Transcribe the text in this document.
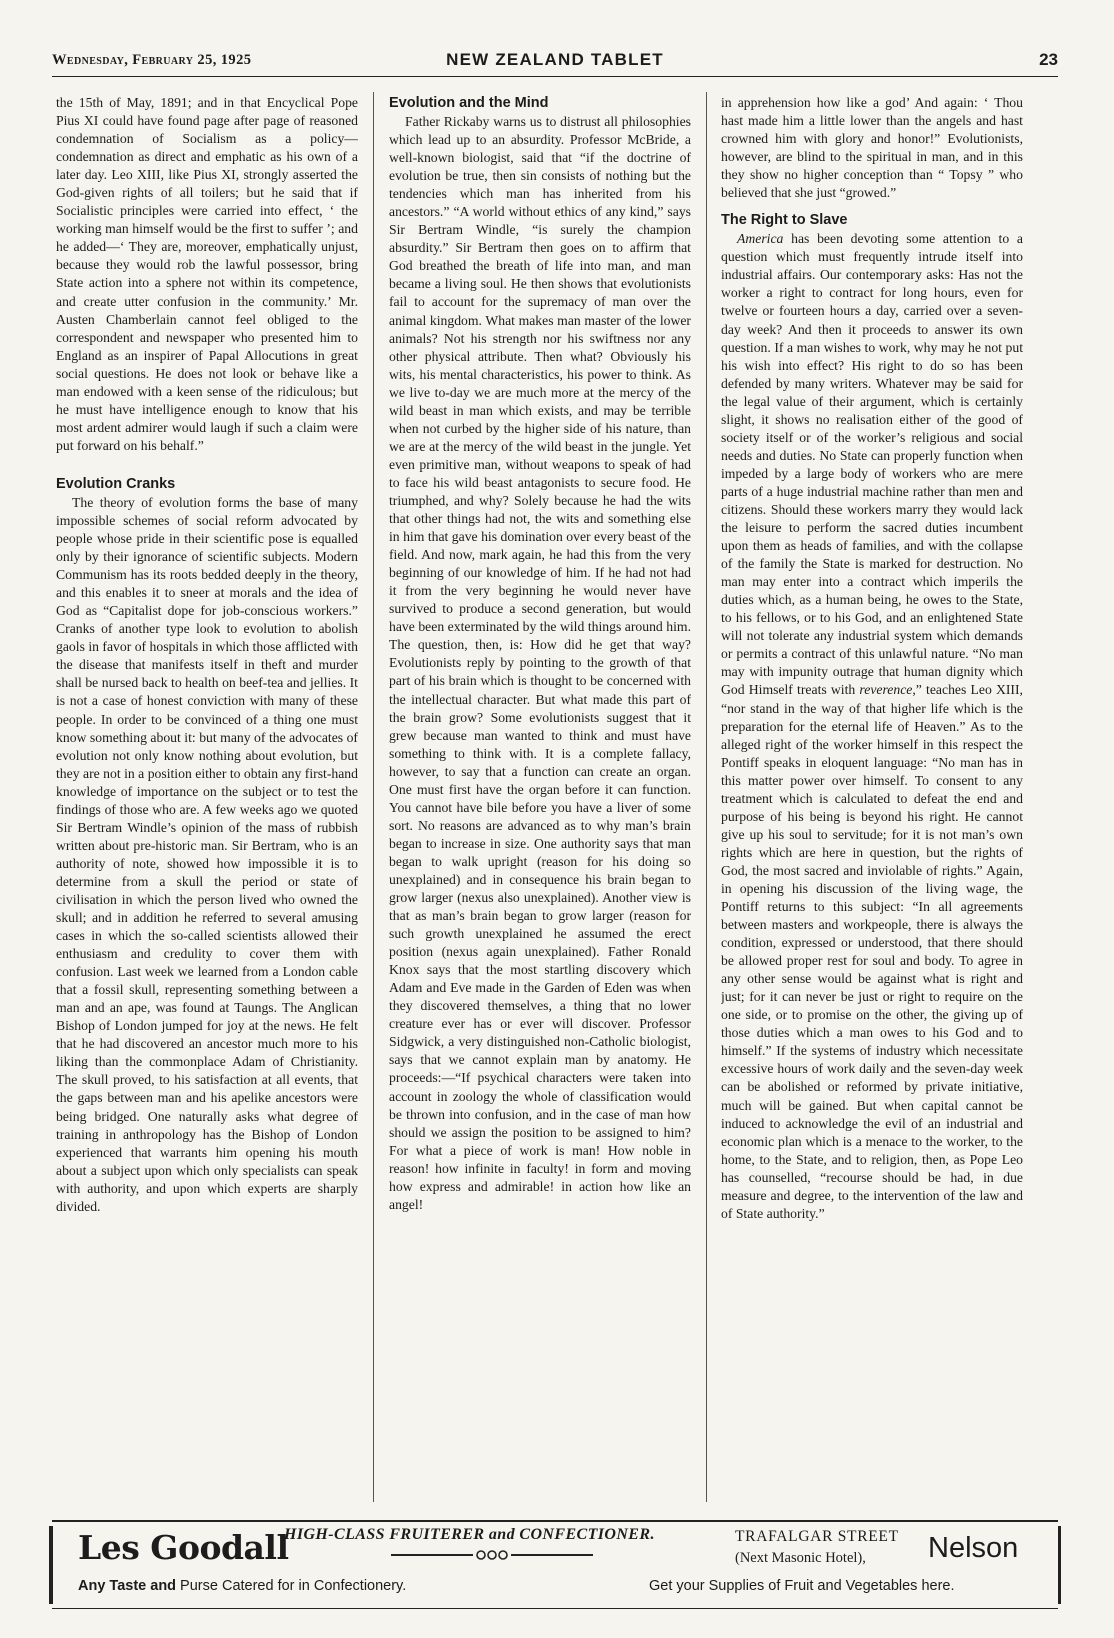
Wednesday, February 25, 1925	NEW ZEALAND TABLET	23

the 15th of May, 1891; and in that Encyclical Pope Pius XI could have found page after page of reasoned condemnation of Socialism as a policy—condemnation as direct and emphatic as his own of a later day. Leo XIII, like Pius XI, strongly asserted the God-given rights of all toilers; but he said that if Socialistic principles were carried into effect, ‘ the working man himself would be the first to suffer ’; and he added—‘ They are, moreover, emphatically unjust, because they would rob the lawful possessor, bring State action into a sphere not within its competence, and create utter confusion in the community.’ Mr. Austen Chamberlain cannot feel obliged to the correspondent and newspaper who presented him to England as an inspirer of Papal Allocutions in great social questions. He does not look or behave like a man endowed with a keen sense of the ridiculous; but he must have intelligence enough to know that his most ardent admirer would laugh if such a claim were put forward on his behalf.”

Evolution Cranks

The theory of evolution forms the base of many impossible schemes of social reform advocated by people whose pride in their scientific pose is equalled only by their ignorance of scientific subjects. Modern Communism has its roots bedded deeply in the theory, and this enables it to sneer at morals and the idea of God as “Capitalist dope for job-conscious workers.” Cranks of another type look to evolution to abolish gaols in favor of hospitals in which those afflicted with the disease that manifests itself in theft and murder shall be nursed back to health on beef-tea and jellies. It is not a case of honest conviction with many of these people. In order to be convinced of a thing one must know something about it: but many of the advocates of evolution not only know nothing about evolution, but they are not in a position either to obtain any first-hand knowledge of importance on the subject or to test the findings of those who are. A few weeks ago we quoted Sir Bertram Windle’s opinion of the mass of rubbish written about pre-historic man. Sir Bertram, who is an authority of note, showed how impossible it is to determine from a skull the period or state of civilisation in which the person lived who owned the skull; and in addition he referred to several amusing cases in which the so-called scientists allowed their enthusiasm and credulity to cover them with confusion. Last week we learned from a London cable that a fossil skull, representing something between a man and an ape, was found at Taungs. The Anglican Bishop of London jumped for joy at the news. He felt that he had discovered an ancestor much more to his liking than the commonplace Adam of Christianity. The skull proved, to his satisfaction at all events, that the gaps between man and his apelike ancestors were being bridged. One naturally asks what degree of training in anthropology has the Bishop of London experienced that warrants him opening his mouth about a subject upon which only specialists can speak with authority, and upon which experts are sharply divided.

Evolution and the Mind

Father Rickaby warns us to distrust all philosophies which lead up to an absurdity. Professor McBride, a well-known biologist, said that “if the doctrine of evolution be true, then sin consists of nothing but the tendencies which man has inherited from his ancestors.” “A world without ethics of any kind,” says Sir Bertram Windle, “is surely the champion absurdity.” Sir Bertram then goes on to affirm that God breathed the breath of life into man, and man became a living soul. He then shows that evolutionists fail to account for the supremacy of man over the animal kingdom. What makes man master of the lower animals? Not his strength nor his swiftness nor any other physical attribute. Then what? Obviously his wits, his mental characteristics, his power to think. As we live to-day we are much more at the mercy of the wild beast in man which exists, and may be terrible when not curbed by the higher side of his nature, than we are at the mercy of the wild beast in the jungle. Yet even primitive man, without weapons to speak of had to face his wild beast antagonists to secure food. He triumphed, and why? Solely because he had the wits that other things had not, the wits and something else in him that gave his domination over every beast of the field. And now, mark again, he had this from the very beginning of our knowledge of him. If he had not had it from the very beginning he would never have survived to produce a second generation, but would have been exterminated by the wild things around him. The question, then, is: How did he get that way? Evolutionists reply by pointing to the growth of that part of his brain which is thought to be concerned with the intellectual character. But what made this part of the brain grow? Some evolutionists suggest that it grew because man wanted to think and must have something to think with. It is a complete fallacy, however, to say that a function can create an organ. One must first have the organ before it can function. You cannot have bile before you have a liver of some sort. No reasons are advanced as to why man’s brain began to increase in size. One authority says that man began to walk upright (reason for his doing so unexplained) and in consequence his brain began to grow larger (nexus also unexplained). Another view is that as man’s brain began to grow larger (reason for such growth unexplained he assumed the erect position (nexus again unexplained). Father Ronald Knox says that the most startling discovery which Adam and Eve made in the Garden of Eden was when they discovered themselves, a thing that no lower creature ever has or ever will discover. Professor Sidgwick, a very distinguished non-Catholic biologist, says that we cannot explain man by anatomy. He proceeds:—“If psychical characters were taken into account in zoology the whole of classification would be thrown into confusion, and in the case of man how should we assign the position to be assigned to him? For what a piece of work is man! How noble in reason! how infinite in faculty! in form and moving how express and admirable! in action how like an angel!

in apprehension how like a god’ And again: ‘ Thou hast made him a little lower than the angels and hast crowned him with glory and honor!” Evolutionists, however, are blind to the spiritual in man, and in this they show no higher conception than “ Topsy ” who believed that she just “growed.”

The Right to Slave

America has been devoting some attention to a question which must frequently intrude itself into industrial affairs. Our contemporary asks: Has not the worker a right to contract for long hours, even for twelve or fourteen hours a day, carried over a seven-day week? And then it proceeds to answer its own question. If a man wishes to work, why may he not put his wish into effect? His right to do so has been defended by many writers. Whatever may be said for the legal value of their argument, which is certainly slight, it shows no realisation either of the good of society itself or of the worker’s religious and social needs and duties. No State can properly function when impeded by a large body of workers who are mere parts of a huge industrial machine rather than men and citizens. Should these workers marry they would lack the leisure to perform the sacred duties incumbent upon them as heads of families, and with the collapse of the family the State is marked for destruction. No man may enter into a contract which imperils the duties which, as a human being, he owes to the State, to his fellows, or to his God, and an enlightened State will not tolerate any industrial system which demands or permits a contract of this unlawful nature. “No man may with impunity outrage that human dignity which God Himself treats with reverence,” teaches Leo XIII, “nor stand in the way of that higher life which is the preparation for the eternal life of Heaven.” As to the alleged right of the worker himself in this respect the Pontiff speaks in eloquent language: “No man has in this matter power over himself. To consent to any treatment which is calculated to defeat the end and purpose of his being is beyond his right. He cannot give up his soul to servitude; for it is not man’s own rights which are here in question, but the rights of God, the most sacred and inviolable of rights.” Again, in opening his discussion of the living wage, the Pontiff returns to this subject: “In all agreements between masters and workpeople, there is always the condition, expressed or understood, that there should be allowed proper rest for soul and body. To agree in any other sense would be against what is right and just; for it can never be just or right to require on the one side, or to promise on the other, the giving up of those duties which a man owes to his God and to himself.” If the systems of industry which necessitate excessive hours of work daily and the seven-day week can be abolished or reformed by private initiative, much will be gained. But when capital cannot be induced to acknowledge the evil of an industrial and economic plan which is a menace to the worker, to the home, to the State, and to religion, then, as Pope Leo has counselled, “recourse should be had, in due measure and degree, to the intervention of the law and of State authority.”

Les Goodall
HIGH-CLASS FRUITERER and CONFECTIONER.	TRAFALGAR STREET
(Next Masonic Hotel), Nelson
Any Taste and Purse Catered for in Confectionery.	Get your Supplies of Fruit and Vegetables here.
